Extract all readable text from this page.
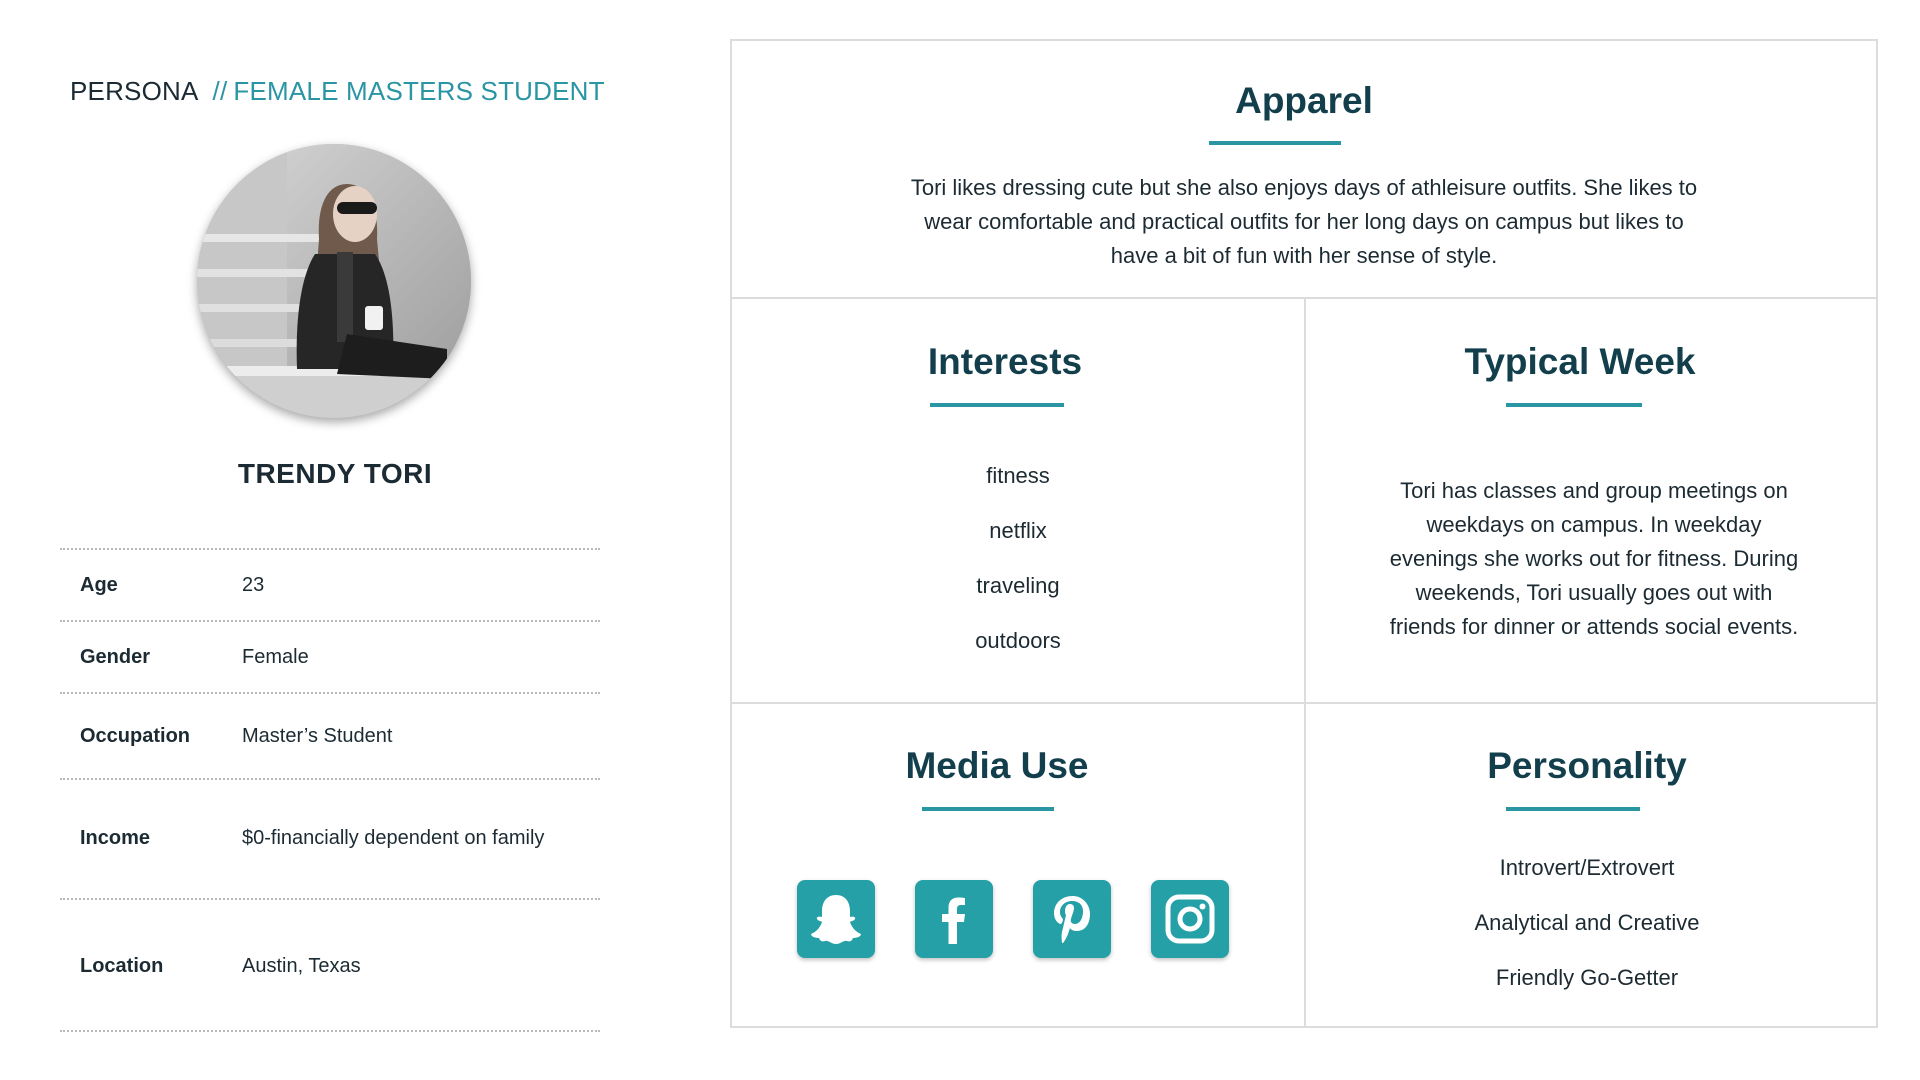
PERSONA // FEMALE MASTERS STUDENT
TRENDY TORI
Age	23
Gender	Female
Occupation	Master’s Student
Income	$0-financially dependent on family
Location	Austin, Texas
Apparel
Tori likes dressing cute but she also enjoys days of athleisure outfits. She likes to
wear comfortable and practical outfits for her long days on campus but likes to
have a bit of fun with her sense of style.
Interests
fitness
netflix
traveling
outdoors
Typical Week
Tori has classes and group meetings on
weekdays on campus. In weekday
evenings she works out for fitness. During
weekends, Tori usually goes out with
friends for dinner or attends social events.
Media Use	Personality
Introvert/Extrovert
Analytical and Creative
Friendly Go-Getter
